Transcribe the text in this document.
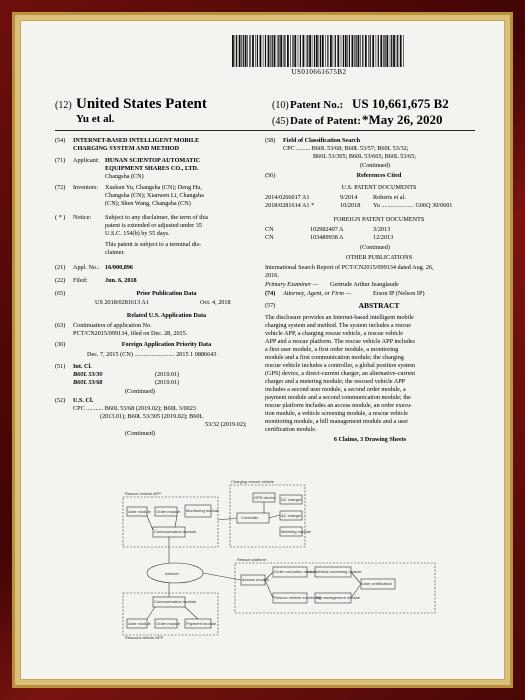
US010661675B2
(12) United States Patent
Yu et al.
(10) Patent No.: US 10,661,675 B2
(45) Date of Patent: *May 26, 2020
(54) INTERNET-BASED INTELLIGENT MOBILE
CHARGING SYSTEM AND METHOD
(71) Applicant: HUNAN SCIENTOP AUTOMATIC
EQUIPMENT SHARES CO., LTD.
Changsha (CN)
(72) Inventors: Xuekun Yu, Changsha (CN); Deng Hu,
Changsha (CN); Xianwen Li, Changsha
(CN); Shen Wang, Changsha (CN)
( * ) Notice: Subject to any disclaimer, the term of this
patent is extended or adjusted under 35
U.S.C. 154(b) by 55 days.
This patent is subject to a terminal dis-
claimer.
(21) Appl. No.: 16/000,896
(22) Filed:	Jun. 6, 2018
(65)	Prior Publication Data
US 2018/0281613 A1	Oct. 4, 2018
Related U.S. Application Data
(63) Continuation of application No.
PCT/CN2015/099134, filed on Dec. 28, 2015.
(30)	Foreign Application Priority Data
Dec. 7, 2015 (CN) .......................... 2015 1 0886643
(51) Int. Cl.
B60L 53/30	(2019.01)
B60L 53/68	(2019.01)
(Continued)
(52) U.S. Cl.
CPC ........... B60L 53/68 (2019.02); B60L 3/0023
(2013.01); B60L 53/305 (2019.02); B60L
53/32 (2019.02);
(Continued)
(58) Field of Classification Search
CPC ......... B60L 53/68; B60L 53/57; B60L 53/32;
B60L 53/305; B60L 53/665; B60L 53/65;
(Continued)
(56)	References Cited
U.S. PATENT DOCUMENTS
2014/0266017 A1	9/2014	Roberts et al.
2018/0281614 A1 *	10/2018 Yu ..................... G06Q 30/0601
FOREIGN PATENT DOCUMENTS
CN	102982407 A	3/2013
CN	103489938 A	12/2013
(Continued)
OTHER PUBLICATIONS
International Search Report of PCT/CN2015/099134 dated Aug. 26,
2016.
Primary Examiner — Gertrude Arthur Jeanglaude
(74) Attorney, Agent, or Firm —	Erson IP (Nelson IP)
(57)	ABSTRACT
The disclosure provides an Internet-based intelligent mobile
charging system and method. The system includes a rescue
vehicle APP, a charging rescue vehicle, a rescue vehicle
APP and a rescue platform. The rescue vehicle APP includes
a first user module, a first order module, a monitoring
module and a first communication module; the charging
rescue vehicle includes a controller, a global position system
(GPS) device, a direct-current charger, an alternative-current
charger and a metering module; the rescued vehicle APP
includes a second user module, a second order module, a
payment module and a second communication module; the
rescue platform includes an access module, an order execu-
tion module, a vehicle screening module, a rescue vehicle
monitoring module, a bill management module and a user
certification module.
6 Claims, 3 Drawing Sheets
Rescue vehicle APP
User module Order module Monitoring module
Communication module
Charging rescue vehicle
GPS device
Controller
DC charger
AC charger
Metering module
Internet
Rescue platform
Access module
Order execution module Vehicle screening module
Rescue vehicle monitoring
Bill management module
User certification
Rescued vehicle APP
Communication module
User module Order module Payment module
